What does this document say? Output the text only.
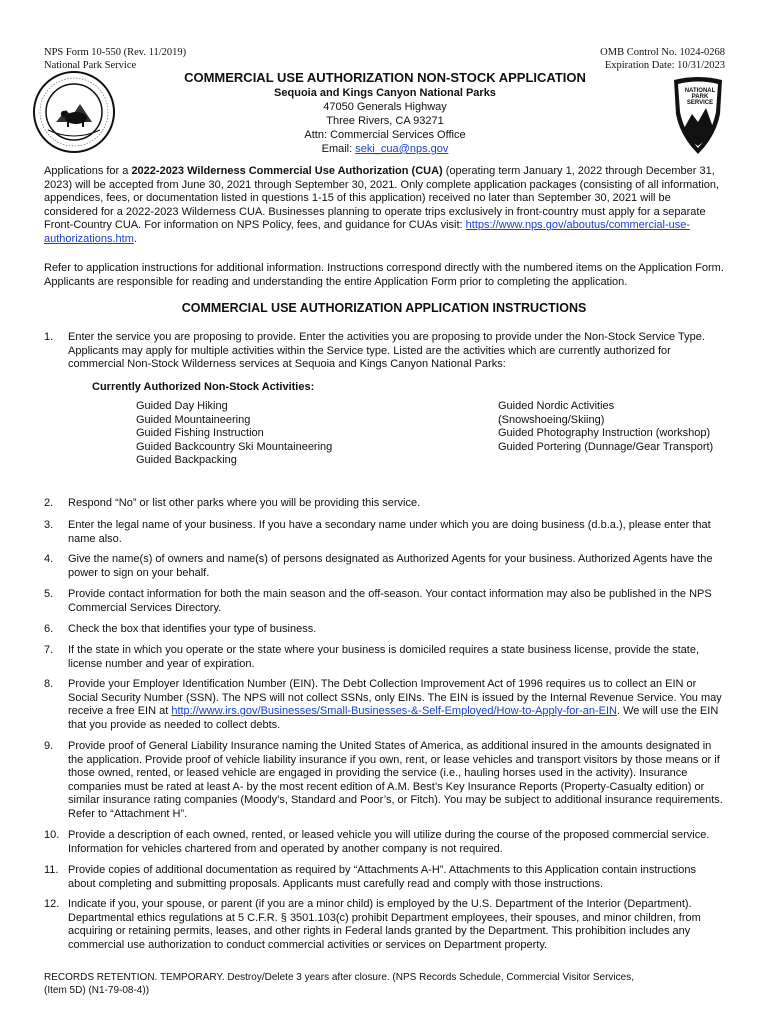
NPS Form 10-550 (Rev. 11/2019)
National Park Service
OMB Control No. 1024-0268
Expiration Date: 10/31/2023
COMMERCIAL USE AUTHORIZATION NON-STOCK APPLICATION
Sequoia and Kings Canyon National Parks
47050 Generals Highway
Three Rivers, CA 93271
Attn: Commercial Services Office
Email: seki_cua@nps.gov
NATIONAL PARK SERVICE
Applications for a 2022-2023 Wilderness Commercial Use Authorization (CUA) (operating term January 1, 2022 through December 31, 2023) will be accepted from June 30, 2021 through September 30, 2021. Only complete application packages (consisting of all information, appendices, fees, or documentation listed in questions 1-15 of this application) received no later than September 30, 2021 will be considered for a 2022-2023 Wilderness CUA. Businesses planning to operate trips exclusively in front-country must apply for a separate Front-Country CUA. For information on NPS Policy, fees, and guidance for CUAs visit: https://www.nps.gov/aboutus/commercial-use-authorizations.htm.
Refer to application instructions for additional information. Instructions correspond directly with the numbered items on the Application Form. Applicants are responsible for reading and understanding the entire Application Form prior to completing the application.
COMMERCIAL USE AUTHORIZATION APPLICATION INSTRUCTIONS
1.	Enter the service you are proposing to provide. Enter the activities you are proposing to provide under the Non-Stock Service Type. Applicants may apply for multiple activities within the Service type. Listed are the activities which are currently authorized for commercial Non-Stock Wilderness services at Sequoia and Kings Canyon National Parks:
Currently Authorized Non-Stock Activities:
Guided Day Hiking
Guided Mountaineering
Guided Fishing Instruction
Guided Backcountry Ski Mountaineering
Guided Backpacking
Guided Nordic Activities
(Snowshoeing/Skiing)
Guided Photography Instruction (workshop)
Guided Portering (Dunnage/Gear Transport)
2.	Respond “No” or list other parks where you will be providing this service.
3.	Enter the legal name of your business. If you have a secondary name under which you are doing business (d.b.a.), please enter that name also.
4.	Give the name(s) of owners and name(s) of persons designated as Authorized Agents for your business. Authorized Agents have the power to sign on your behalf.
5.	Provide contact information for both the main season and the off-season. Your contact information may also be published in the NPS Commercial Services Directory.
6.	Check the box that identifies your type of business.
7.	If the state in which you operate or the state where your business is domiciled requires a state business license, provide the state, license number and year of expiration.
8.	Provide your Employer Identification Number (EIN). The Debt Collection Improvement Act of 1996 requires us to collect an EIN or Social Security Number (SSN). The NPS will not collect SSNs, only EINs. The EIN is issued by the Internal Revenue Service. You may receive a free EIN at http://www.irs.gov/Businesses/Small-Businesses-&-Self-Employed/How-to-Apply-for-an-EIN. We will use the EIN that you provide as needed to collect debts.
9.	Provide proof of General Liability Insurance naming the United States of America, as additional insured in the amounts designated in the application. Provide proof of vehicle liability insurance if you own, rent, or lease vehicles and transport visitors by those means or if those owned, rented, or leased vehicle are engaged in providing the service (i.e., hauling horses used in the activity). Insurance companies must be rated at least A- by the most recent edition of A.M. Best’s Key Insurance Reports (Property-Casualty edition) or similar insurance rating companies (Moody’s, Standard and Poor’s, or Fitch). You may be subject to additional insurance requirements. Refer to “Attachment H”.
10. Provide a description of each owned, rented, or leased vehicle you will utilize during the course of the proposed commercial service. Information for vehicles chartered from and operated by another company is not required.
11. Provide copies of additional documentation as required by “Attachments A-H”. Attachments to this Application contain instructions about completing and submitting proposals. Applicants must carefully read and comply with those instructions.
12. Indicate if you, your spouse, or parent (if you are a minor child) is employed by the U.S. Department of the Interior (Department). Departmental ethics regulations at 5 C.F.R. § 3501.103(c) prohibit Department employees, their spouses, and minor children, from acquiring or retaining permits, leases, and other rights in Federal lands granted by the Department. This prohibition includes any commercial use authorization to conduct commercial activities or services on Department property.
RECORDS RETENTION. TEMPORARY. Destroy/Delete 3 years after closure. (NPS Records Schedule, Commercial Visitor Services,
(Item 5D) (N1-79-08-4))
